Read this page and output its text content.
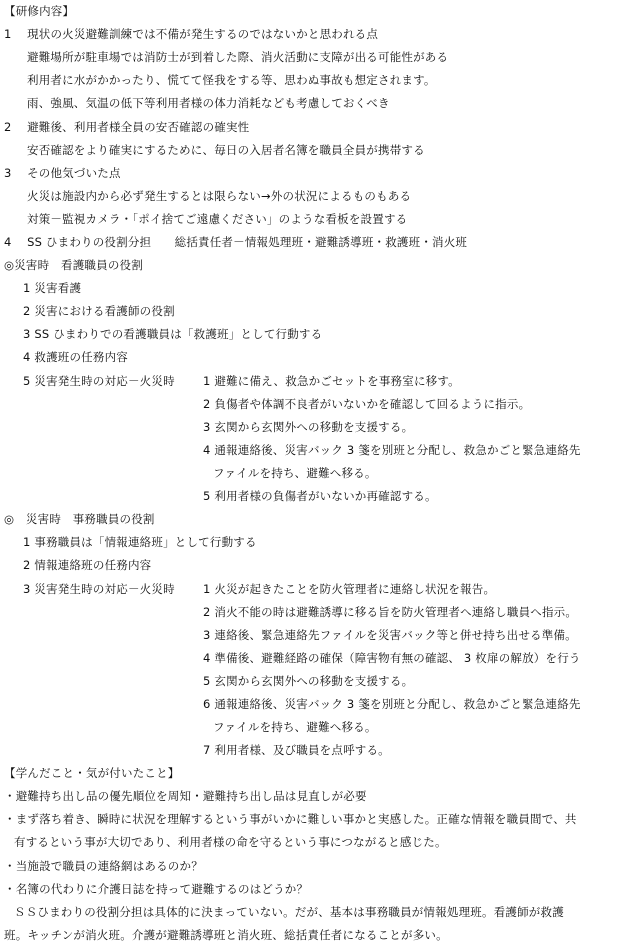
【研修内容】
1　 現状の火災避難訓練では不備が発生するのではないかと思われる点
避難場所が駐車場では消防士が到着した際、消火活動に支障が出る可能性がある
利用者に水がかかったり、慌てて怪我をする等、思わぬ事故も想定されます。
雨、強風、気温の低下等利用者様の体力消耗なども考慮しておくべき
2　 避難後、利用者様全員の安否確認の確実性
安否確認をより確実にするために、毎日の入居者名簿を職員全員が携帯する
3　 その他気づいた点
火災は施設内から必ず発生するとは限らない→外の状況によるものもある
対策－監視カメラ・「ポイ捨てご遠慮ください」のような看板を設置する
4　 SS ひまわりの役割分担　　総括責任者－情報処理班・避難誘導班・救護班・消火班
◎災害時　看護職員の役割
1 災害看護
2 災害における看護師の役割
3 SS ひまわりでの看護職員は「救護班」として行動する
4 救護班の任務内容
5 災害発生時の対応－火災時 1 避難に備え、救急かごセットを事務室に移す。
2 負傷者や体調不良者がいないかを確認して回るように指示。
3 玄関から玄関外への移動を支援する。
4 通報連絡後、災害バック 3 箋を別班と分配し、救急かごと緊急連絡先
ファイルを持ち、避難へ移る。
5 利用者様の負傷者がいないか再確認する。
◎　災害時　事務職員の役割
1 事務職員は「情報連絡班」として行動する
2 情報連絡班の任務内容
3 災害発生時の対応－火災時 1 火災が起きたことを防火管理者に連絡し状況を報告。
2 消火不能の時は避難誘導に移る旨を防火管理者へ連絡し職員へ指示。
3 連絡後、緊急連絡先ファイルを災害バック等と併せ持ち出せる準備。
4 準備後、避難経路の確保（障害物有無の確認、 3 枚扉の解放）を行う
5 玄関から玄関外への移動を支援する。
6 通報連絡後、災害バック 3 箋を別班と分配し、救急かごと緊急連絡先
ファイルを持ち、避難へ移る。
7 利用者様、及び職員を点呼する。
【学んだこと・気が付いたこと】
・避難持ち出し品の優先順位を周知・避難持ち出し品は見直しが必要
・まず落ち着き、瞬時に状況を理解するという事がいかに難しい事かと実感した。正確な情報を職員間で、共
有するという事が大切であり、利用者様の命を守るという事につながると感じた。
・当施設で職員の連絡網はあるのか？
・名簿の代わりに介護日誌を持って避難するのはどうか？
ＳＳひまわりの役割分担は具体的に決まっていない。だが、基本は事務職員が情報処理班。看護師が救護
班。キッチンが消火班。介護が避難誘導班と消火班、総括責任者になることが多い。
